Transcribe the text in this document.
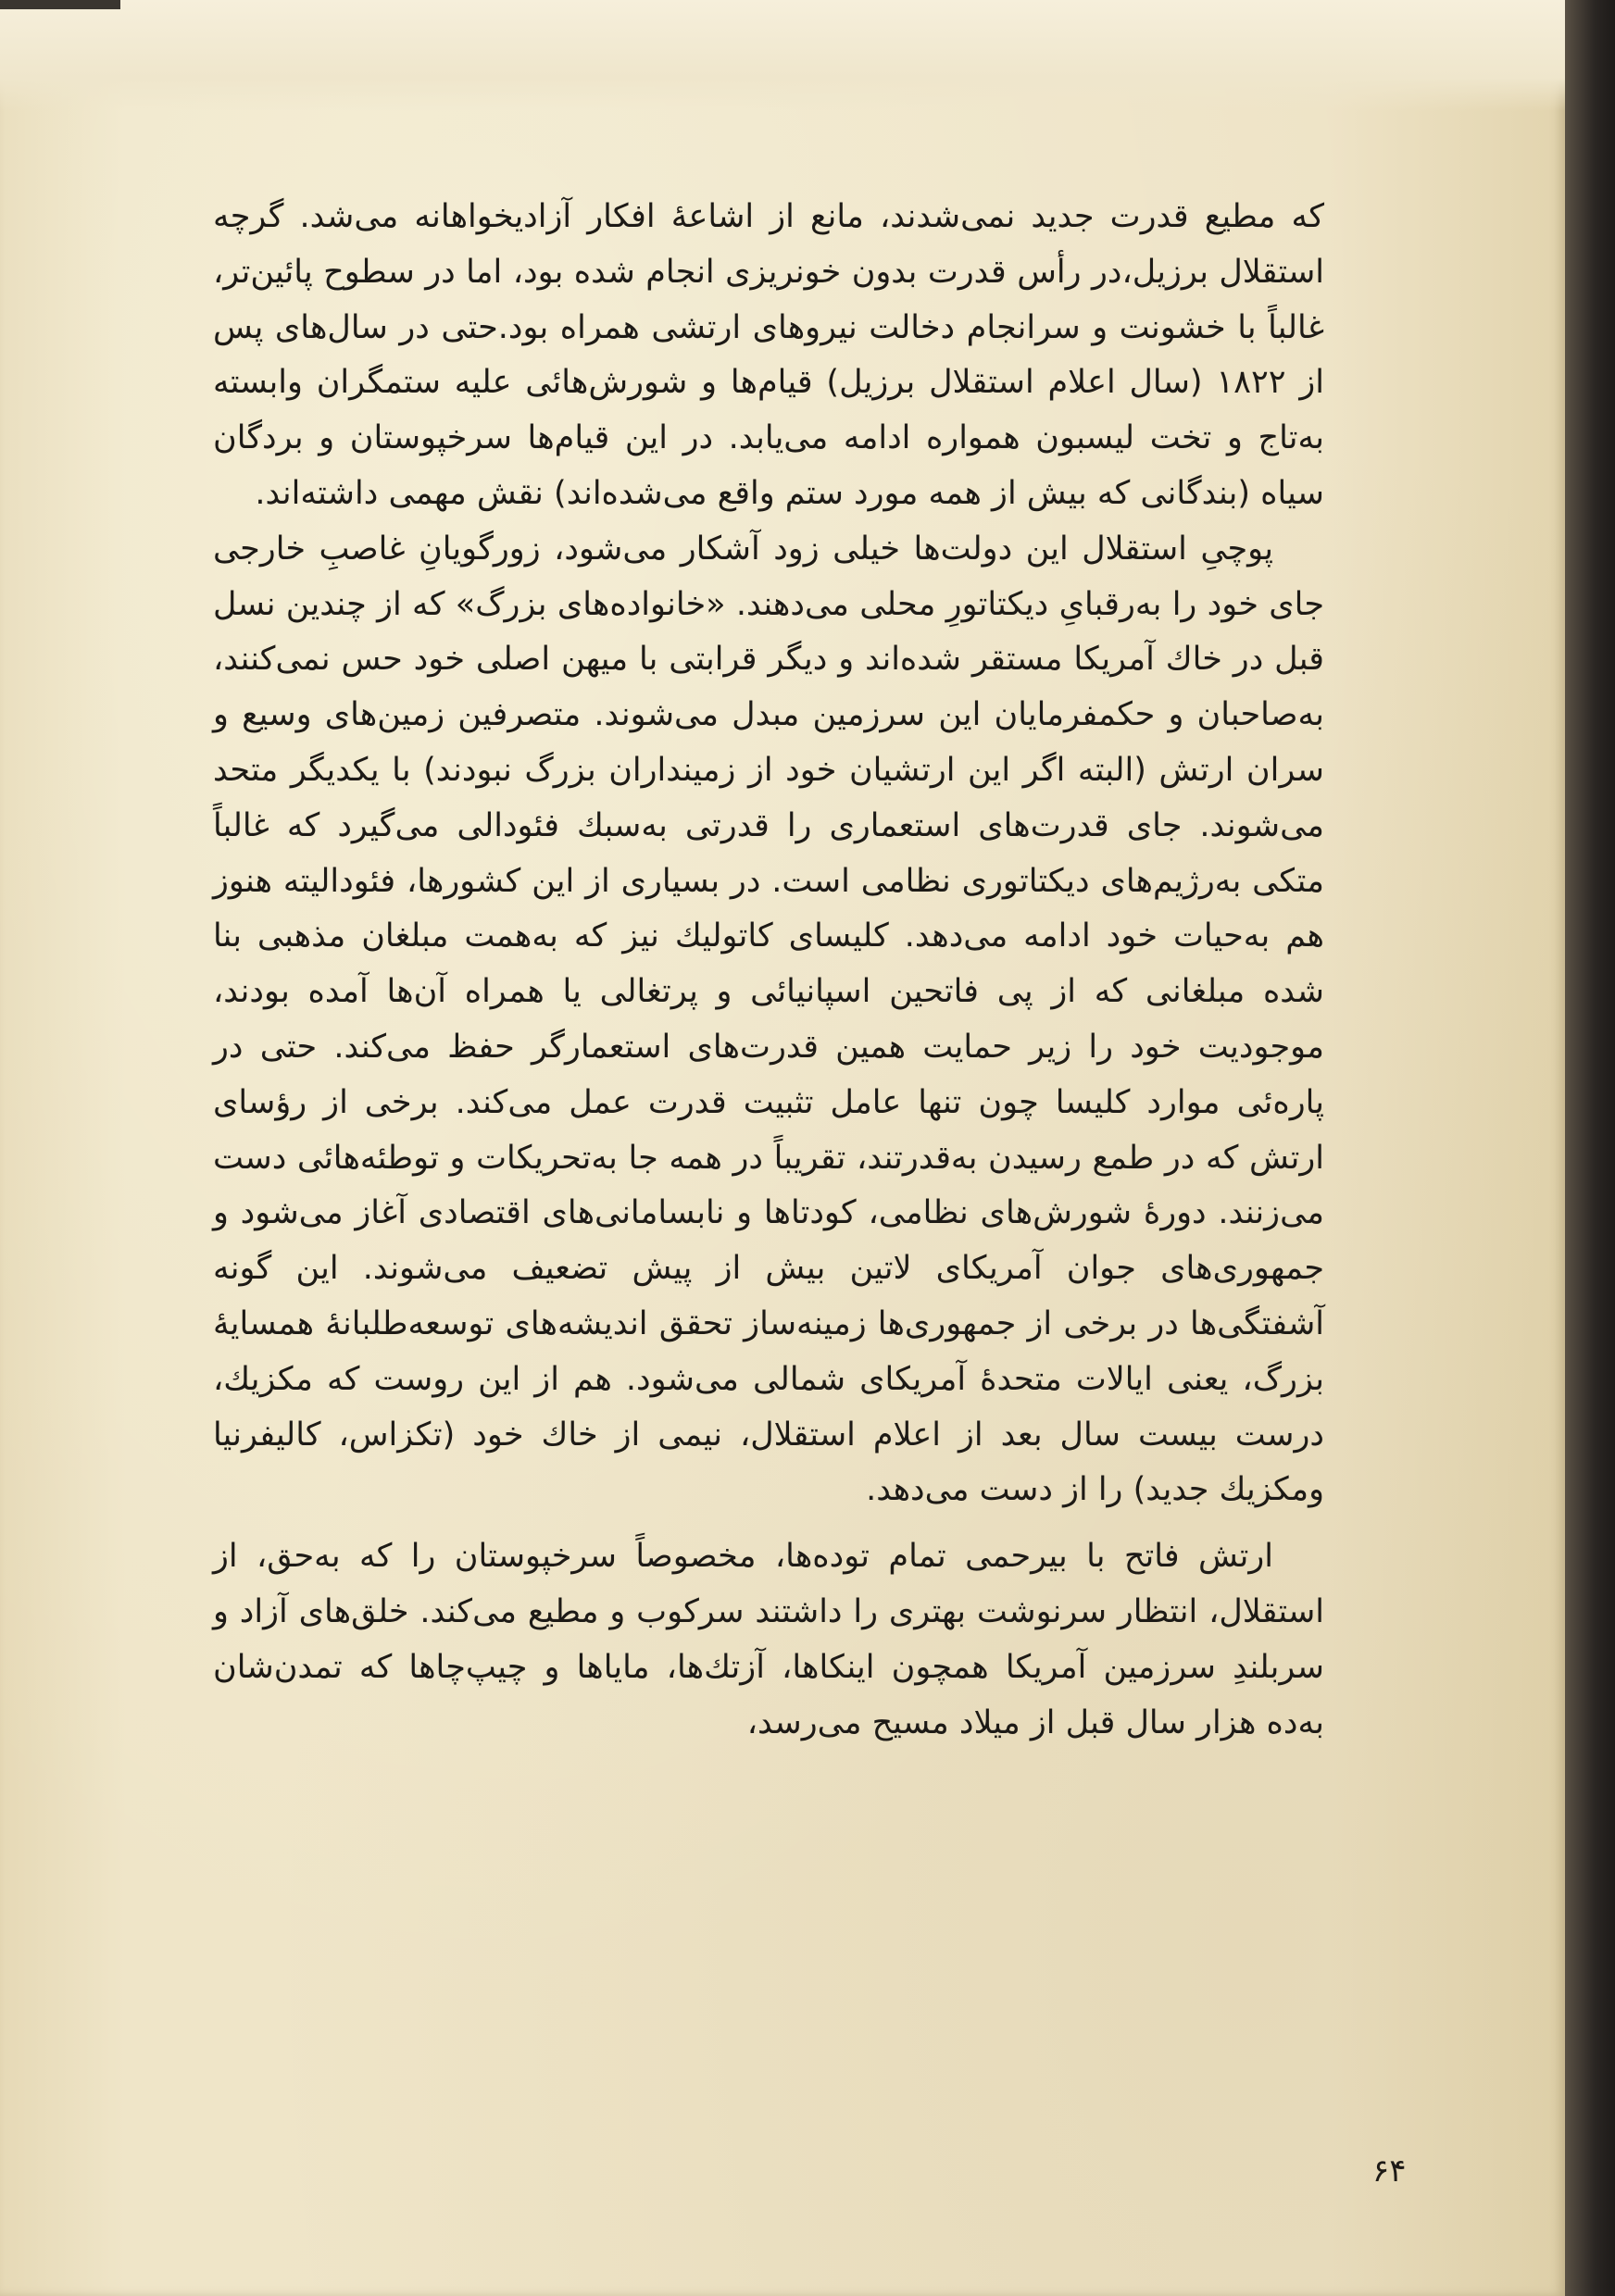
که مطیع قدرت جدید نمی‌شدند، مانع از اشاعهٔ افکار آزادیخواهانه می‌شد. گرچه استقلال برزیل،در رأس قدرت بدون خونریزی انجام شده بود، اما در سطوح پائین‌تر، غالباً با خشونت و سرانجام دخالت نیروهای ارتشی همراه بود.حتی در سال‌های پس از ۱۸۲۲ (سال اعلام استقلال برزیل) قیام‌ها و شورش‌هائی علیه ستمگران وابسته به‌تاج و تخت لیسبون همواره ادامه می‌یابد. در این قیام‌ها سرخپوستان و بردگان سیاه (بندگانی که بیش از همه مورد ستم واقع می‌شده‌اند) نقش مهمی داشته‌اند.

پوچیِ استقلال این دولت‌ها خیلی زود آشکار می‌شود، زورگویانِ غاصبِ خارجی جای خود را به‌رقبایِ دیکتاتورِ محلی می‌دهند. «خانواده‌های بزرگ» که از چندین نسل قبل در خاك آمریکا مستقر شده‌اند و دیگر قرابتی با میهن اصلی خود حس نمی‌کنند، به‌صاحبان و حکمفرمایان این سرزمین مبدل می‌شوند. متصرفین زمین‌های وسیع و سران ارتش (البته اگر این ارتشیان خود از زمینداران بزرگ نبودند) با یکدیگر متحد می‌شوند. جای قدرت‌های استعماری را قدرتی به‌سبك فئودالی می‌گیرد که غالباً متکی به‌رژیم‌های دیکتاتوری نظامی است. در بسیاری از این کشورها، فئودالیته هنوز هم به‌حیات خود ادامه می‌دهد. کلیسای کاتولیك نیز که به‌همت مبلغان مذهبی بنا شده مبلغانی که از پی فاتحین اسپانیائی و پرتغالی یا همراه آن‌ها آمده بودند، موجودیت خود را زیر حمایت همین قدرت‌های استعمارگر حفظ می‌کند. حتی در پاره‌ئی موارد کلیسا چون تنها عامل تثبیت قدرت عمل می‌کند. برخی از رؤسای ارتش که در طمع رسیدن به‌قدرتند، تقریباً در همه جا به‌تحریکات و توطئه‌هائی دست می‌زنند. دورهٔ شورش‌های نظامی، کودتاها و نابسامانی‌های اقتصادی آغاز می‌شود و جمهوری‌های جوان آمریکای لاتین بیش از پیش تضعیف می‌شوند. این گونه آشفتگی‌ها در برخی از جمهوری‌ها زمینه‌ساز تحقق اندیشه‌های توسعه‌طلبانهٔ همسایهٔ بزرگ، یعنی ایالات متحدهٔ آمریکای شمالی می‌شود. هم از این روست که مکزیك، درست بیست سال بعد از اعلام استقلال، نیمی از خاك خود (تکزاس، کالیفرنیا ومکزیك جدید) را از دست می‌دهد.

ارتش فاتح با بیرحمی تمام توده‌ها، مخصوصاً سرخپوستان را که به‌حق، از استقلال، انتظار سرنوشت بهتری را داشتند سرکوب و مطیع می‌کند. خلق‌های آزاد و سربلندِ سرزمین آمریکا همچون اینکاها، آزتك‌ها، مایاها و چیپ‌چاها که تمدن‌شان به‌ده هزار سال قبل از میلاد مسیح می‌رسد،

۶۴
